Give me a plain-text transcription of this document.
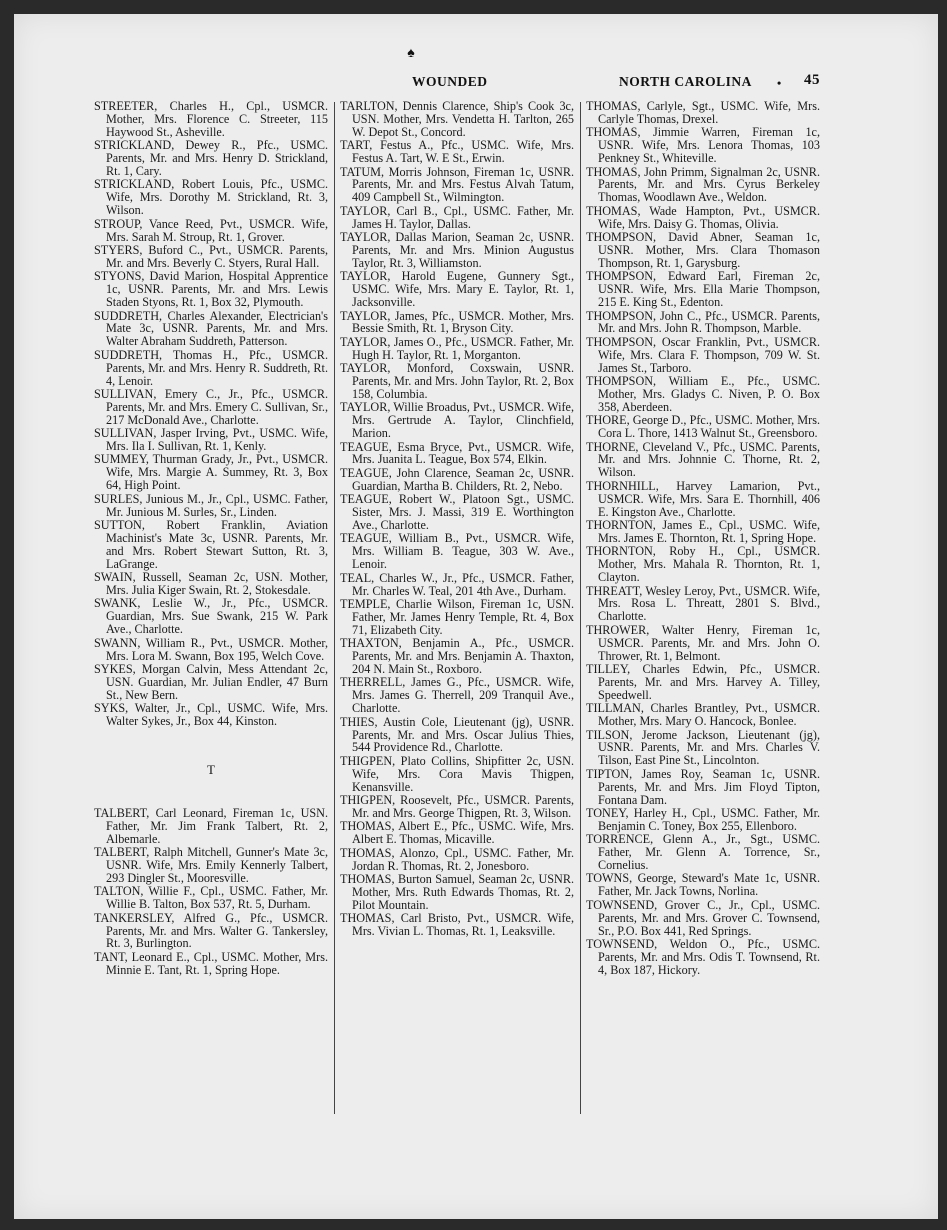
♠
WOUNDED	NORTH CAROLINA • 45

STREETER, Charles H., Cpl., USMCR. Mother, Mrs. Florence C. Streeter, 115 Haywood St., Asheville.

STRICKLAND, Dewey R., Pfc., USMC. Parents, Mr. and Mrs. Henry D. Strickland, Rt. 1, Cary.

STRICKLAND, Robert Louis, Pfc., USMC. Wife, Mrs. Dorothy M. Strickland, Rt. 3, Wilson.

STROUP, Vance Reed, Pvt., USMCR. Wife, Mrs. Sarah M. Stroup, Rt. 1, Grover.

STYERS, Buford C., Pvt., USMCR. Parents, Mr. and Mrs. Beverly C. Styers, Rural Hall.

STYONS, David Marion, Hospital Apprentice 1c, USNR. Parents, Mr. and Mrs. Lewis Staden Styons, Rt. 1, Box 32, Plymouth.

SUDDRETH, Charles Alexander, Electrician's Mate 3c, USNR. Parents, Mr. and Mrs. Walter Abraham Suddreth, Patterson.

SUDDRETH, Thomas H., Pfc., USMCR. Parents, Mr. and Mrs. Henry R. Suddreth, Rt. 4, Lenoir.

SULLIVAN, Emery C., Jr., Pfc., USMCR. Parents, Mr. and Mrs. Emery C. Sullivan, Sr., 217 McDonald Ave., Charlotte.

SULLIVAN, Jasper Irving, Pvt., USMC. Wife, Mrs. Ila I. Sullivan, Rt. 1, Kenly.

SUMMEY, Thurman Grady, Jr., Pvt., USMCR. Wife, Mrs. Margie A. Summey, Rt. 3, Box 64, High Point.

SURLES, Junious M., Jr., Cpl., USMC. Father, Mr. Junious M. Surles, Sr., Linden.

SUTTON, Robert Franklin, Aviation Machinist's Mate 3c, USNR. Parents, Mr. and Mrs. Robert Stewart Sutton, Rt. 3, LaGrange.

SWAIN, Russell, Seaman 2c, USN. Mother, Mrs. Julia Kiger Swain, Rt. 2, Stokesdale.

SWANK, Leslie W., Jr., Pfc., USMCR. Guardian, Mrs. Sue Swank, 215 W. Park Ave., Charlotte.

SWANN, William R., Pvt., USMCR. Mother, Mrs. Lora M. Swann, Box 195, Welch Cove.

SYKES, Morgan Calvin, Mess Attendant 2c, USN. Guardian, Mr. Julian Endler, 47 Burn St., New Bern.

SYKS, Walter, Jr., Cpl., USMC. Wife, Mrs. Walter Sykes, Jr., Box 44, Kinston.

T

TALBERT, Carl Leonard, Fireman 1c, USN. Father, Mr. Jim Frank Talbert, Rt. 2, Albemarle.

TALBERT, Ralph Mitchell, Gunner's Mate 3c, USNR. Wife, Mrs. Emily Kennerly Talbert, 293 Dingler St., Mooresville.

TALTON, Willie F., Cpl., USMC. Father, Mr. Willie B. Talton, Box 537, Rt. 5, Durham.

TANKERSLEY, Alfred G., Pfc., USMCR. Parents, Mr. and Mrs. Walter G. Tankersley, Rt. 3, Burlington.

TANT, Leonard E., Cpl., USMC. Mother, Mrs. Minnie E. Tant, Rt. 1, Spring Hope.

TARLTON, Dennis Clarence, Ship's Cook 3c, USN. Mother, Mrs. Vendetta H. Tarlton, 265 W. Depot St., Concord.

TART, Festus A., Pfc., USMC. Wife, Mrs. Festus A. Tart, W. E St., Erwin.

TATUM, Morris Johnson, Fireman 1c, USNR. Parents, Mr. and Mrs. Festus Alvah Tatum, 409 Campbell St., Wilmington.

TAYLOR, Carl B., Cpl., USMC. Father, Mr. James H. Taylor, Dallas.

TAYLOR, Dallas Marion, Seaman 2c, USNR. Parents, Mr. and Mrs. Minion Augustus Taylor, Rt. 3, Williamston.

TAYLOR, Harold Eugene, Gunnery Sgt., USMC. Wife, Mrs. Mary E. Taylor, Rt. 1, Jacksonville.

TAYLOR, James, Pfc., USMCR. Mother, Mrs. Bessie Smith, Rt. 1, Bryson City.

TAYLOR, James O., Pfc., USMCR. Father, Mr. Hugh H. Taylor, Rt. 1, Morganton.

TAYLOR, Monford, Coxswain, USNR. Parents, Mr. and Mrs. John Taylor, Rt. 2, Box 158, Columbia.

TAYLOR, Willie Broadus, Pvt., USMCR. Wife, Mrs. Gertrude A. Taylor, Clinchfield, Marion.

TEAGUE, Esma Bryce, Pvt., USMCR. Wife, Mrs. Juanita L. Teague, Box 574, Elkin.

TEAGUE, John Clarence, Seaman 2c, USNR. Guardian, Martha B. Childers, Rt. 2, Nebo.

TEAGUE, Robert W., Platoon Sgt., USMC. Sister, Mrs. J. Massi, 319 E. Worthington Ave., Charlotte.

TEAGUE, William B., Pvt., USMCR. Wife, Mrs. William B. Teague, 303 W. Ave., Lenoir.

TEAL, Charles W., Jr., Pfc., USMCR. Father, Mr. Charles W. Teal, 201 4th Ave., Durham.

TEMPLE, Charlie Wilson, Fireman 1c, USN. Father, Mr. James Henry Temple, Rt. 4, Box 71, Elizabeth City.

THAXTON, Benjamin A., Pfc., USMCR. Parents, Mr. and Mrs. Benjamin A. Thaxton, 204 N. Main St., Roxboro.

THERRELL, James G., Pfc., USMCR. Wife, Mrs. James G. Therrell, 209 Tranquil Ave., Charlotte.

THIES, Austin Cole, Lieutenant (jg), USNR. Parents, Mr. and Mrs. Oscar Julius Thies, 544 Providence Rd., Charlotte.

THIGPEN, Plato Collins, Shipfitter 2c, USN. Wife, Mrs. Cora Mavis Thigpen, Kenansville.

THIGPEN, Roosevelt, Pfc., USMCR. Parents, Mr. and Mrs. George Thigpen, Rt. 3, Wilson.

THOMAS, Albert E., Pfc., USMC. Wife, Mrs. Albert E. Thomas, Micaville.

THOMAS, Alonzo, Cpl., USMC. Father, Mr. Jordan R. Thomas, Rt. 2, Jonesboro.

THOMAS, Burton Samuel, Seaman 2c, USNR. Mother, Mrs. Ruth Edwards Thomas, Rt. 2, Pilot Mountain.

THOMAS, Carl Bristo, Pvt., USMCR. Wife, Mrs. Vivian L. Thomas, Rt. 1, Leaksville.

THOMAS, Carlyle, Sgt., USMC. Wife, Mrs. Carlyle Thomas, Drexel.

THOMAS, Jimmie Warren, Fireman 1c, USNR. Wife, Mrs. Lenora Thomas, 103 Penkney St., Whiteville.

THOMAS, John Primm, Signalman 2c, USNR. Parents, Mr. and Mrs. Cyrus Berkeley Thomas, Woodlawn Ave., Weldon.

THOMAS, Wade Hampton, Pvt., USMCR. Wife, Mrs. Daisy G. Thomas, Olivia.

THOMPSON, David Abner, Seaman 1c, USNR. Mother, Mrs. Clara Thomason Thompson, Rt. 1, Garysburg.

THOMPSON, Edward Earl, Fireman 2c, USNR. Wife, Mrs. Ella Marie Thompson, 215 E. King St., Edenton.

THOMPSON, John C., Pfc., USMCR. Parents, Mr. and Mrs. John R. Thompson, Marble.

THOMPSON, Oscar Franklin, Pvt., USMCR. Wife, Mrs. Clara F. Thompson, 709 W. St. James St., Tarboro.

THOMPSON, William E., Pfc., USMC. Mother, Mrs. Gladys C. Niven, P. O. Box 358, Aberdeen.

THORE, George D., Pfc., USMC. Mother, Mrs. Cora L. Thore, 1413 Walnut St., Greensboro.

THORNE, Cleveland V., Pfc., USMC. Parents, Mr. and Mrs. Johnnie C. Thorne, Rt. 2, Wilson.

THORNHILL, Harvey Lamarion, Pvt., USMCR. Wife, Mrs. Sara E. Thornhill, 406 E. Kingston Ave., Charlotte.

THORNTON, James E., Cpl., USMC. Wife, Mrs. James E. Thornton, Rt. 1, Spring Hope.

THORNTON, Roby H., Cpl., USMCR. Mother, Mrs. Mahala R. Thornton, Rt. 1, Clayton.

THREATT, Wesley Leroy, Pvt., USMCR. Wife, Mrs. Rosa L. Threatt, 2801 S. Blvd., Charlotte.

THROWER, Walter Henry, Fireman 1c, USMCR. Parents, Mr. and Mrs. John O. Thrower, Rt. 1, Belmont.

TILLEY, Charles Edwin, Pfc., USMCR. Parents, Mr. and Mrs. Harvey A. Tilley, Speedwell.

TILLMAN, Charles Brantley, Pvt., USMCR. Mother, Mrs. Mary O. Hancock, Bonlee.

TILSON, Jerome Jackson, Lieutenant (jg), USNR. Parents, Mr. and Mrs. Charles V. Tilson, East Pine St., Lincolnton.

TIPTON, James Roy, Seaman 1c, USNR. Parents, Mr. and Mrs. Jim Floyd Tipton, Fontana Dam.

TONEY, Harley H., Cpl., USMC. Father, Mr. Benjamin C. Toney, Box 255, Ellenboro.

TORRENCE, Glenn A., Jr., Sgt., USMC. Father, Mr. Glenn A. Torrence, Sr., Cornelius.

TOWNS, George, Steward's Mate 1c, USNR. Father, Mr. Jack Towns, Norlina.

TOWNSEND, Grover C., Jr., Cpl., USMC. Parents, Mr. and Mrs. Grover C. Townsend, Sr., P.O. Box 441, Red Springs.

TOWNSEND, Weldon O., Pfc., USMC. Parents, Mr. and Mrs. Odis T. Townsend, Rt. 4, Box 187, Hickory.
